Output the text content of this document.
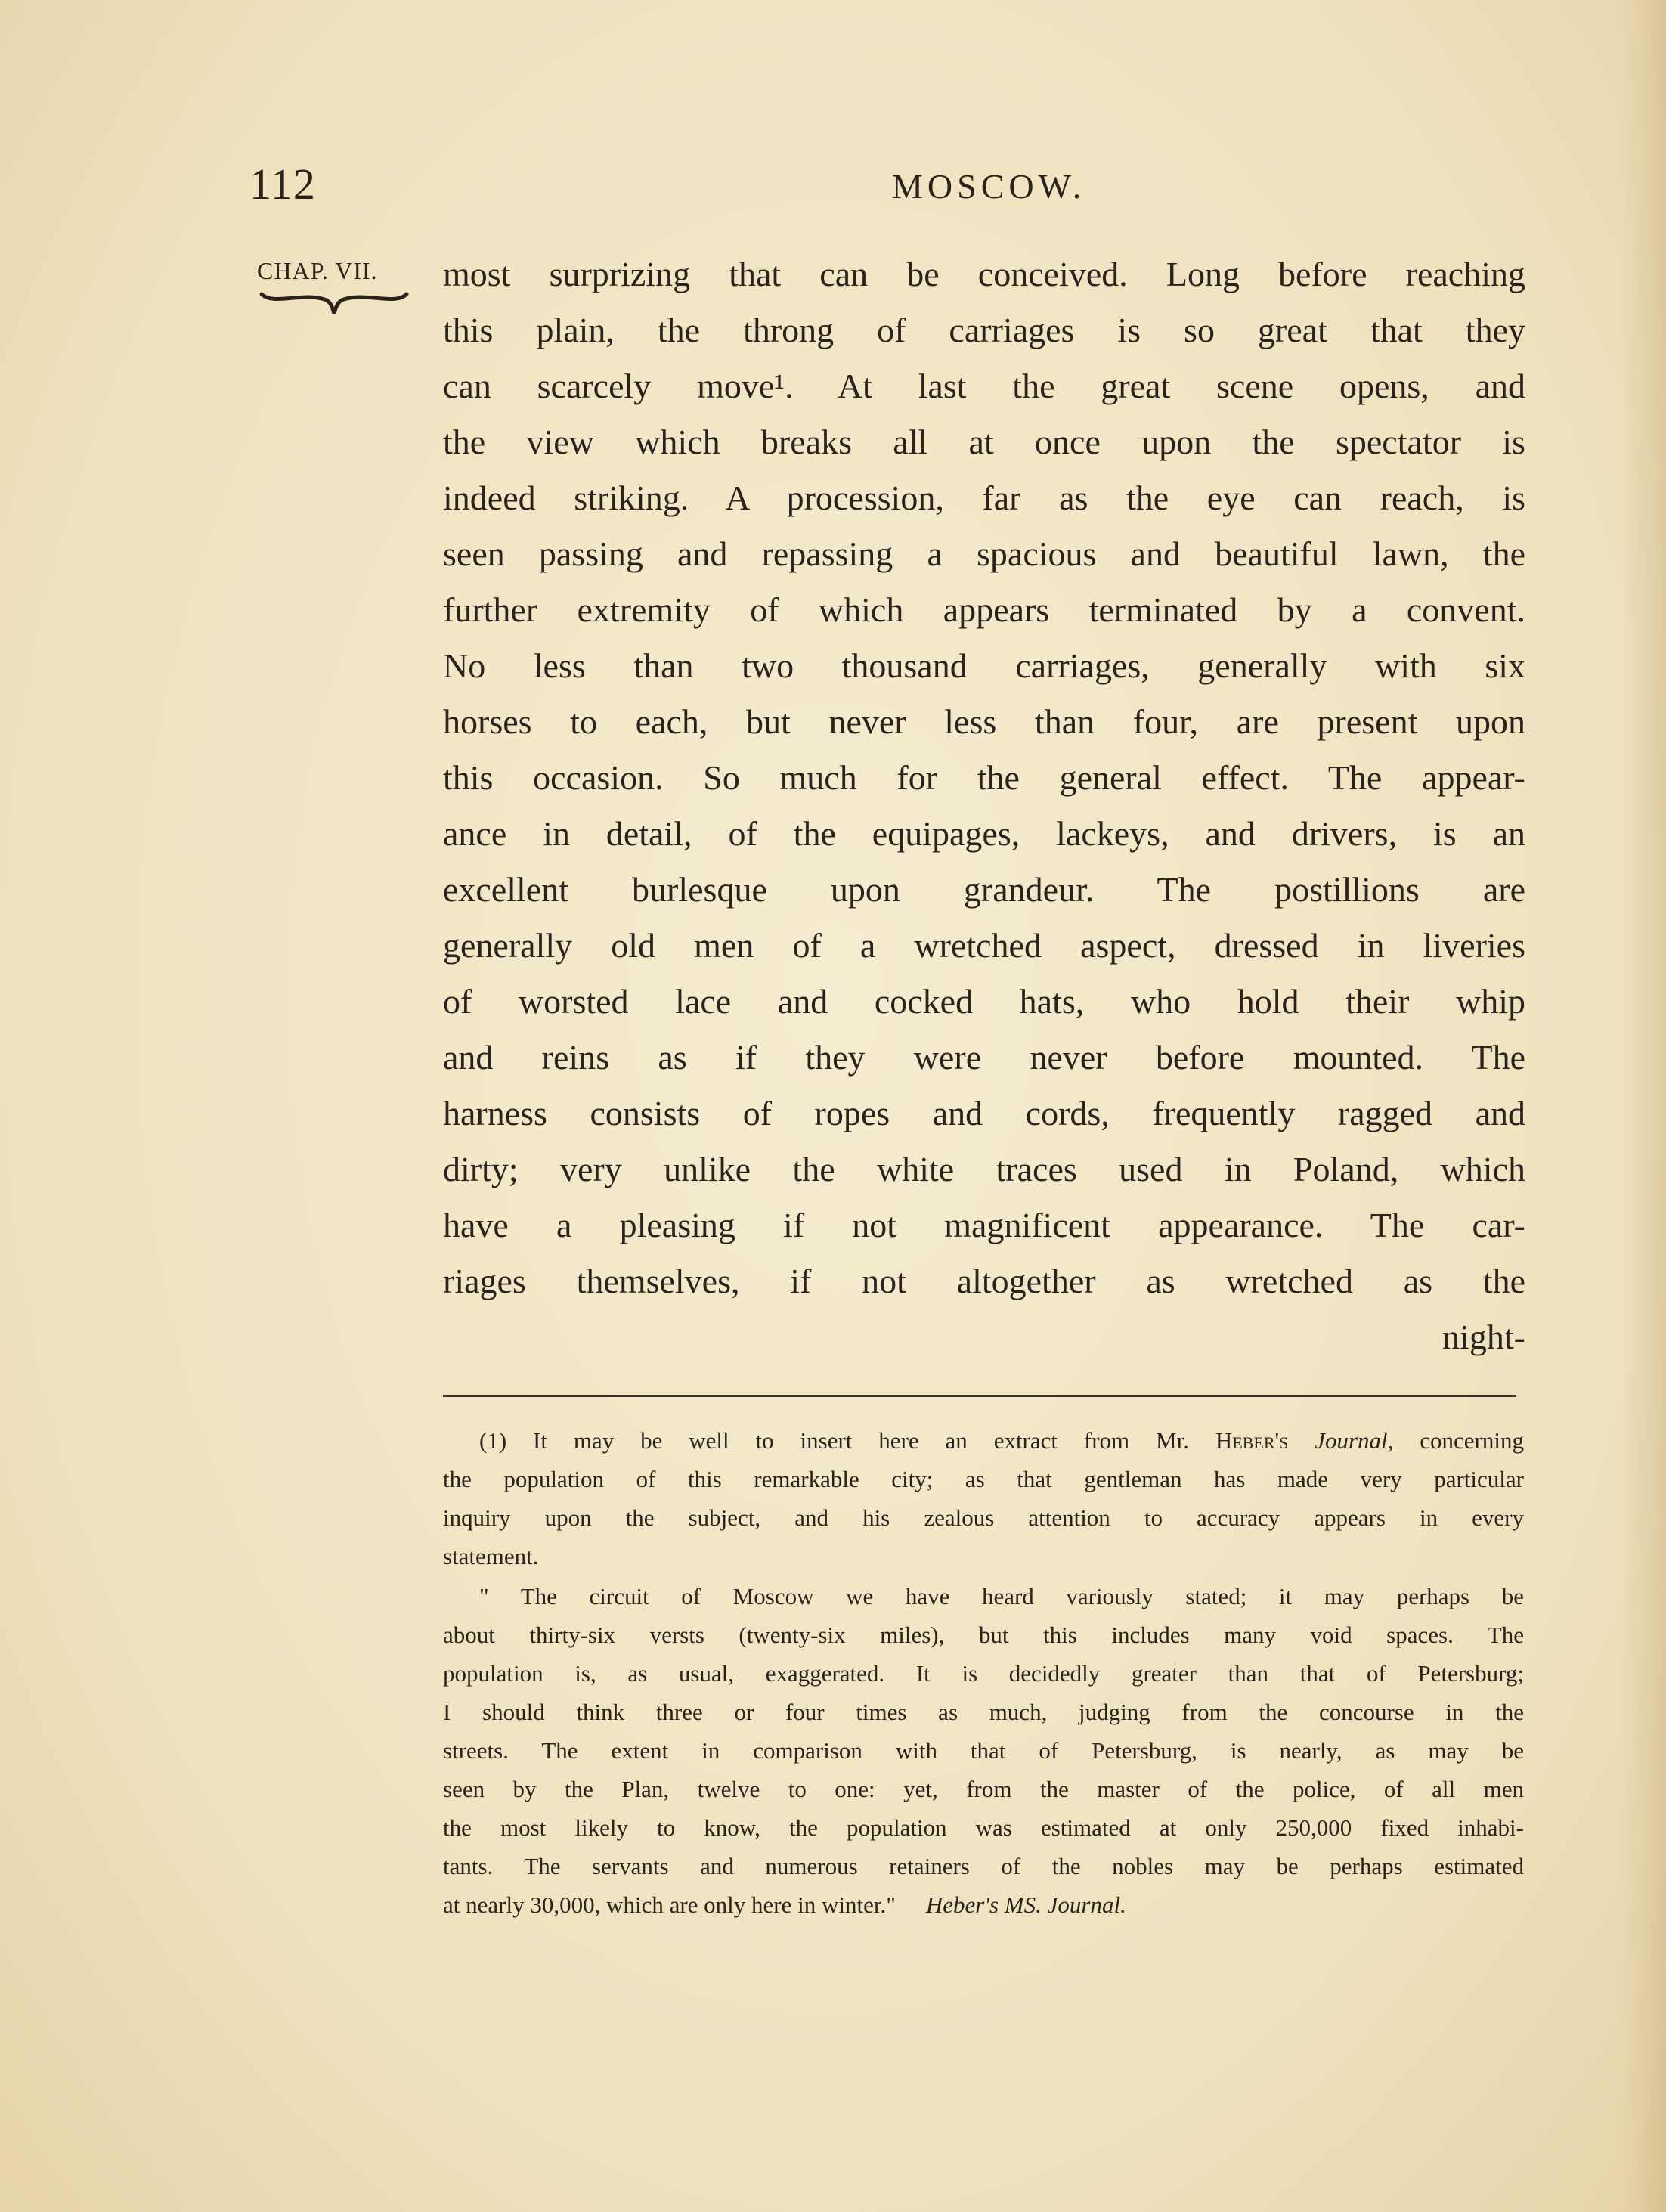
112	MOSCOW.
CHAP. VII.	most surprizing that can be conceived. Long before reaching
this plain, the throng of carriages is so great that they
can scarcely move¹. At last the great scene opens, and
the view which breaks all at once upon the spectator is
indeed striking. A procession, far as the eye can reach, is
seen passing and repassing a spacious and beautiful lawn, the
further extremity of which appears terminated by a convent.
No less than two thousand carriages, generally with six
horses to each, but never less than four, are present upon
this occasion. So much for the general effect. The appear-
ance in detail, of the equipages, lackeys, and drivers, is an
excellent burlesque upon grandeur. The postillions are
generally old men of a wretched aspect, dressed in liveries
of worsted lace and cocked hats, who hold their whip
and reins as if they were never before mounted. The
harness consists of ropes and cords, frequently ragged and
dirty; very unlike the white traces used in Poland, which
have a pleasing if not magnificent appearance. The car-
riages themselves, if not altogether as wretched as the
night-
(1) It may be well to insert here an extract from Mr. Heber's Journal, concerning
the population of this remarkable city; as that gentleman has made very particular
inquiry upon the subject, and his zealous attention to accuracy appears in every
statement.
" The circuit of Moscow we have heard variously stated; it may perhaps be
about thirty-six versts (twenty-six miles), but this includes many void spaces. The
population is, as usual, exaggerated. It is decidedly greater than that of Petersburg;
I should think three or four times as much, judging from the concourse in the
streets. The extent in comparison with that of Petersburg, is nearly, as may be
seen by the Plan, twelve to one: yet, from the master of the police, of all men
the most likely to know, the population was estimated at only 250,000 fixed inhabi-
tants. The servants and numerous retainers of the nobles may be perhaps estimated
at nearly 30,000, which are only here in winter." Heber's MS. Journal.
